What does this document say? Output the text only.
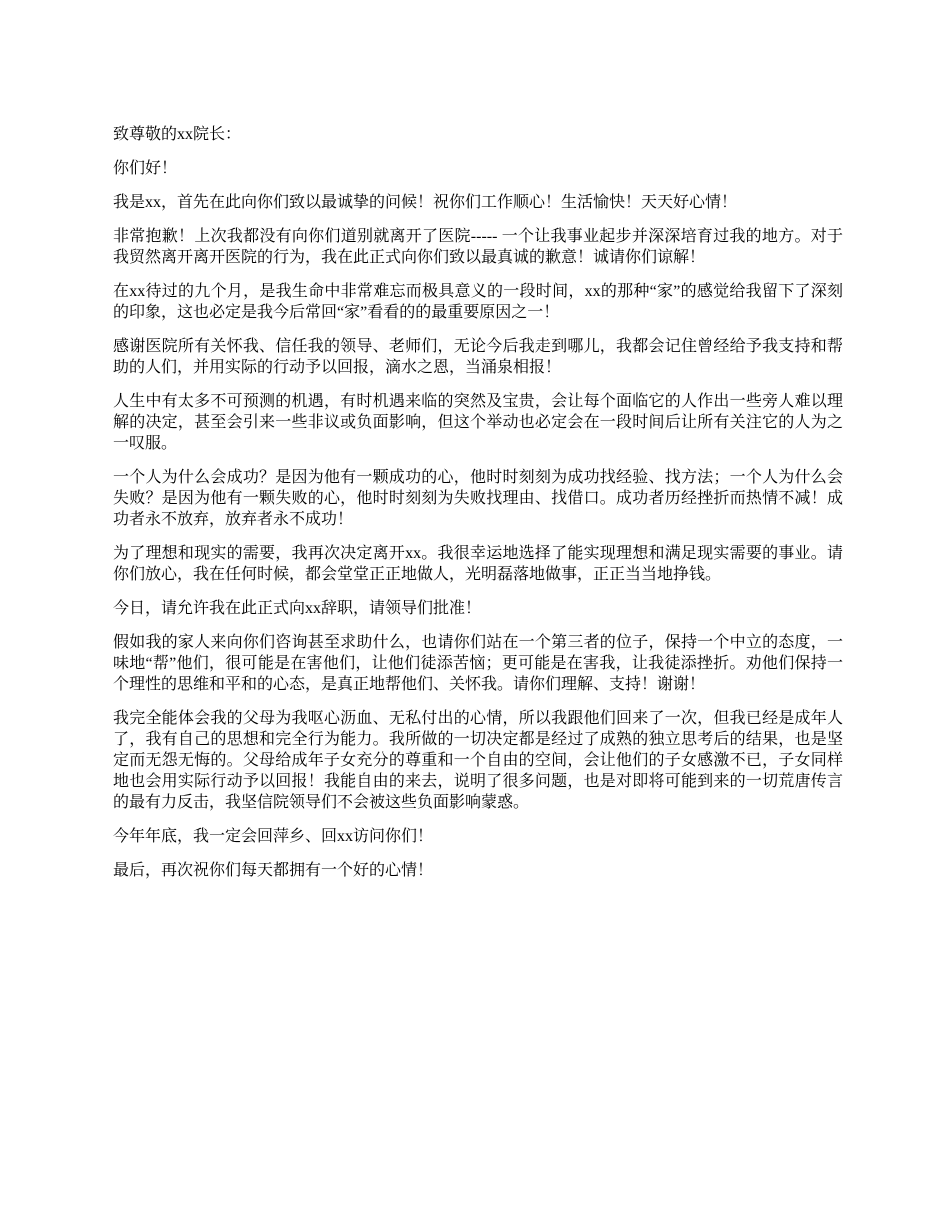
致尊敬的xx院长：

你们好！

我是xx，首先在此向你们致以最诚挚的问候！祝你们工作顺心！生活愉快！天天好心情！

非常抱歉！上次我都没有向你们道别就离开了医院----- 一个让我事业起步并深深培育过我的地方。对于我贸然离开离开医院的行为，我在此正式向你们致以最真诚的歉意！诚请你们谅解！

在xx待过的九个月，是我生命中非常难忘而极具意义的一段时间，xx的那种“家”的感觉给我留下了深刻的印象，这也必定是我今后常回“家”看看的的最重要原因之一！

感谢医院所有关怀我、信任我的领导、老师们，无论今后我走到哪儿，我都会记住曾经给予我支持和帮助的人们，并用实际的行动予以回报，滴水之恩，当涌泉相报！

人生中有太多不可预测的机遇，有时机遇来临的突然及宝贵，会让每个面临它的人作出一些旁人难以理解的决定，甚至会引来一些非议或负面影响，但这个举动也必定会在一段时间后让所有关注它的人为之一叹服。

一个人为什么会成功？是因为他有一颗成功的心，他时时刻刻为成功找经验、找方法；一个人为什么会失败？是因为他有一颗失败的心，他时时刻刻为失败找理由、找借口。成功者历经挫折而热情不减！成功者永不放弃，放弃者永不成功！

为了理想和现实的需要，我再次决定离开xx。我很幸运地选择了能实现理想和满足现实需要的事业。请你们放心，我在任何时候，都会堂堂正正地做人，光明磊落地做事，正正当当地挣钱。

今日，请允许我在此正式向xx辞职，请领导们批准！

假如我的家人来向你们咨询甚至求助什么，也请你们站在一个第三者的位子，保持一个中立的态度，一味地“帮”他们，很可能是在害他们，让他们徒添苦恼；更可能是在害我，让我徒添挫折。劝他们保持一个理性的思维和平和的心态，是真正地帮他们、关怀我。请你们理解、支持！谢谢！

我完全能体会我的父母为我呕心沥血、无私付出的心情，所以我跟他们回来了一次，但我已经是成年人了，我有自己的思想和完全行为能力。我所做的一切决定都是经过了成熟的独立思考后的结果，也是坚定而无怨无悔的。父母给成年子女充分的尊重和一个自由的空间，会让他们的子女感激不已，子女同样地也会用实际行动予以回报！我能自由的来去，说明了很多问题，也是对即将可能到来的一切荒唐传言的最有力反击，我坚信院领导们不会被这些负面影响蒙惑。

今年年底，我一定会回萍乡、回xx访问你们！

最后，再次祝你们每天都拥有一个好的心情！
